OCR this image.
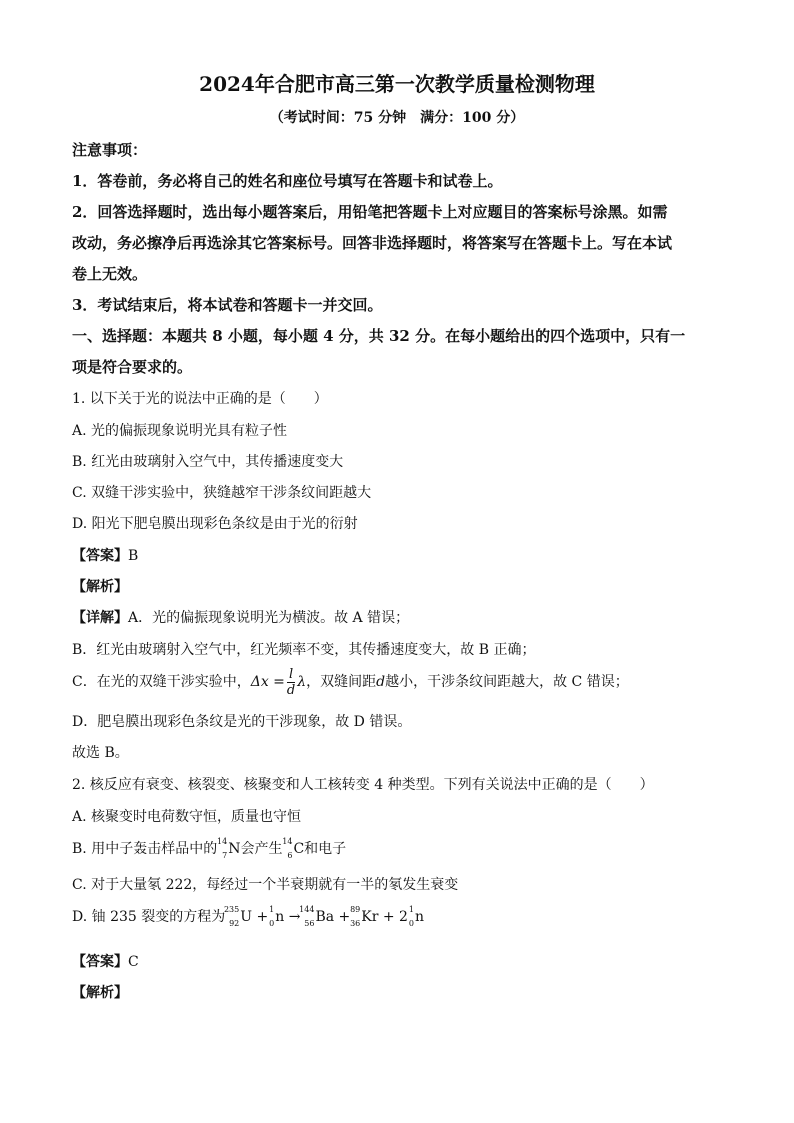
2024年合肥市高三第一次教学质量检测物理
（考试时间：75 分钟　满分：100 分）
注意事项：
1．答卷前，务必将自己的姓名和座位号填写在答题卡和试卷上。
2．回答选择题时，选出每小题答案后，用铅笔把答题卡上对应题目的答案标号涂黑。如需
改动，务必擦净后再选涂其它答案标号。回答非选择题时，将答案写在答题卡上。写在本试
卷上无效。
3．考试结束后，将本试卷和答题卡一并交回。
一、选择题：本题共 8 小题，每小题 4 分，共 32 分。在每小题给出的四个选项中，只有一
项是符合要求的。
1. 以下关于光的说法中正确的是（　　）
A. 光的偏振现象说明光具有粒子性
B. 红光由玻璃射入空气中，其传播速度变大
C. 双缝干涉实验中，狭缝越窄干涉条纹间距越大
D. 阳光下肥皂膜出现彩色条纹是由于光的衍射
【答案】B
【解析】
【详解】A．光的偏振现象说明光为横波。故 A 错误；
B．红光由玻璃射入空气中，红光频率不变，其传播速度变大，故 B 正确；
C．在光的双缝干涉实验中，$\Delta x = \frac{l}{d}$ λ，双缝间距d越小，干涉条纹间距越大，故 C 错误；
D．肥皂膜出现彩色条纹是光的干涉现象，故 D 错误。
故选 B。
2. 核反应有衰变、核裂变、核聚变和人工核转变 4 种类型。下列有关说法中正确的是（　　）
A. 核聚变时电荷数守恒，质量也守恒
B. 用中子轰击样品中的 14
7 N会产生 14
6 C和电子
C. 对于大量氡 222，每经过一个半衰期就有一半的氡发生衰变
D. 铀 235 裂变的方程为
235
92 U + 1
0 n →
144
56 Ba + 89
36 Kr + 2 1
0 n
【答案】C
【解析】
